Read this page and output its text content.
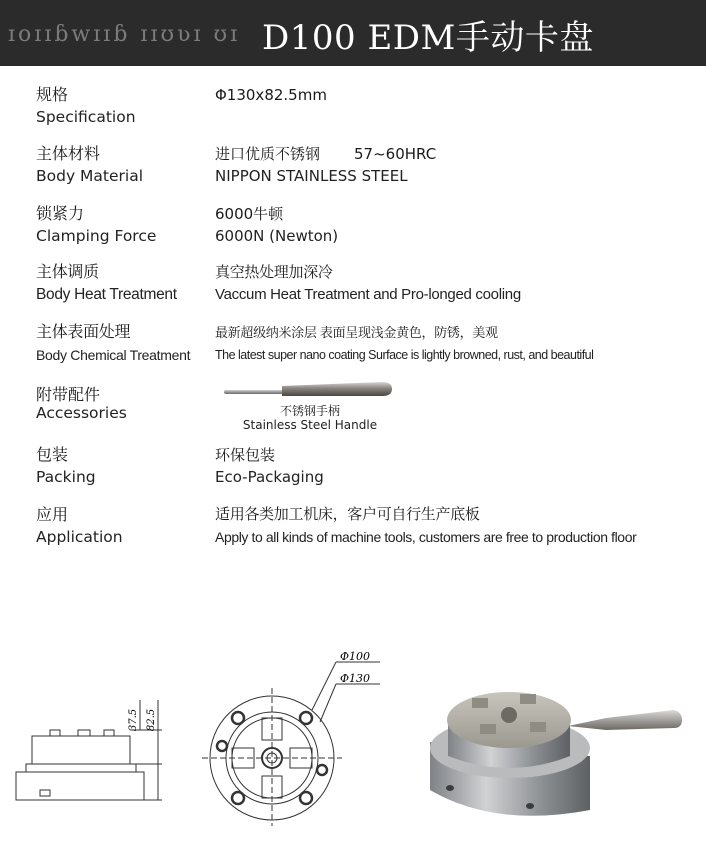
ɪoɪɪɓwɪɪɓ ɪɪʊʋɪ ʊɪ D100 EDM手动卡盘
规格
Specification
Φ130x82.5mm
主体材料
Body Material
进口优质不锈钢 57~60HRC
NIPPON STAINLESS STEEL
锁紧力
Clamping Force
6000牛顿
6000N (Newton)
主体调质
Body Heat Treatment
真空热处理加深冷
Vaccum Heat Treatment and Pro-longed cooling
主体表面处理
Body Chemical Treatment
最新超级纳米涂层 表面呈现浅金黄色，防锈，美观
The latest super nano coating Surface is lightly browned, rust, and beautiful
附带配件
Accessories	不锈钢手柄
Stainless Steel Handle
包装
Packing
环保包装
Eco-Packaging
应用
Application
适用各类加工机床，客户可自行生产底板
Apply to all kinds of machine tools, customers are free to production floor
37.5 82.5
Φ100
Φ130
